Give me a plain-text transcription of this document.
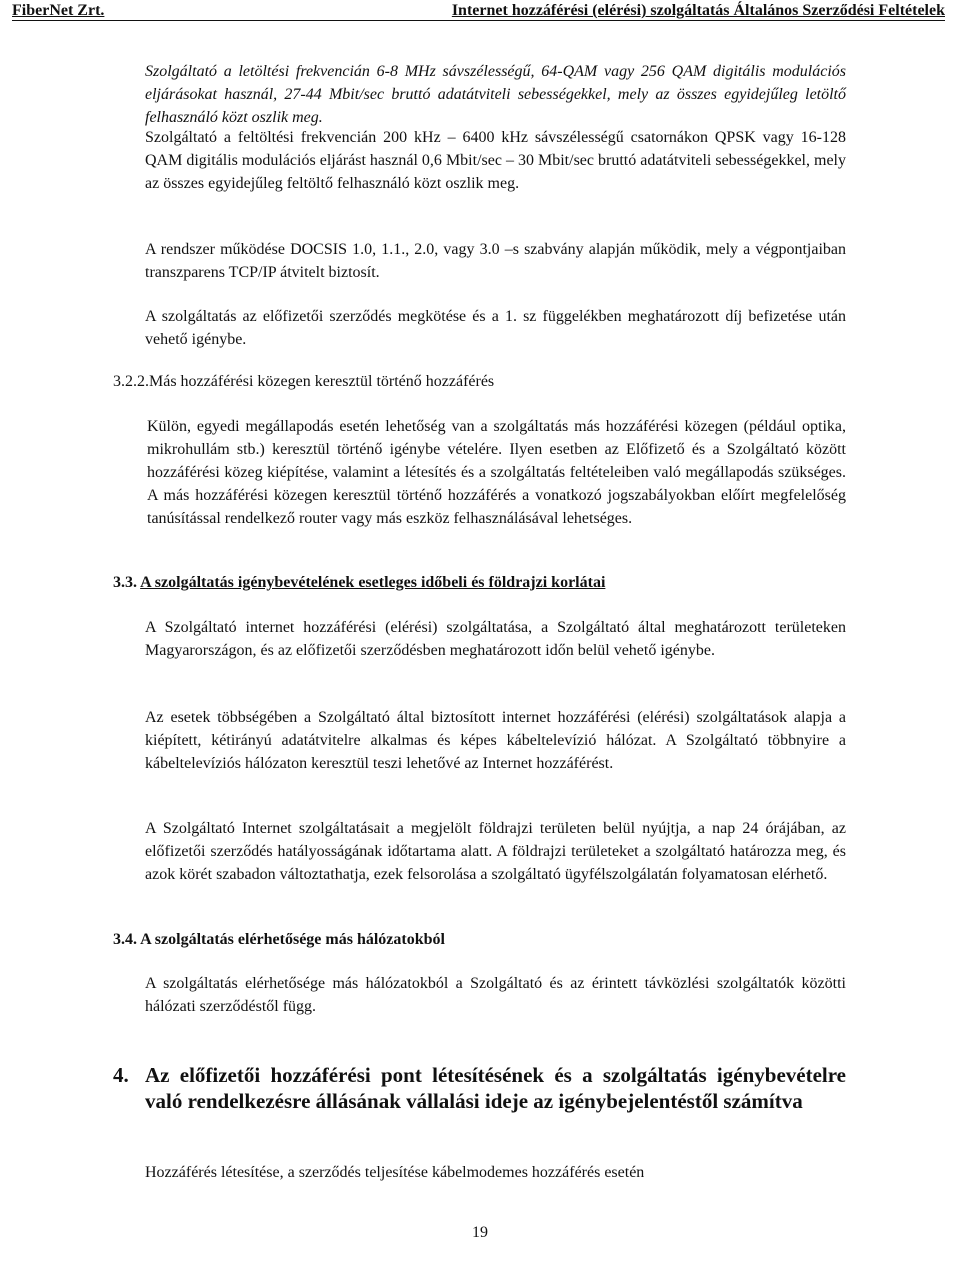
FiberNet Zrt.	Internet hozzáférési (elérési) szolgáltatás Általános Szerződési Feltételek
Szolgáltató a letöltési frekvencián 6-8 MHz sávszélességű, 64-QAM vagy 256 QAM digitális modulációs eljárásokat használ, 27-44 Mbit/sec bruttó adatátviteli sebességekkel, mely az összes egyidejűleg letöltő felhasználó közt oszlik meg.
Szolgáltató a feltöltési frekvencián 200 kHz – 6400 kHz sávszélességű csatornákon QPSK vagy 16-128 QAM digitális modulációs eljárást használ 0,6 Mbit/sec – 30 Mbit/sec bruttó adatátviteli sebességekkel, mely az összes egyidejűleg feltöltő felhasználó közt oszlik meg.
A rendszer működése DOCSIS 1.0, 1.1., 2.0, vagy 3.0 –s szabvány alapján működik, mely a végpontjaiban transzparens TCP/IP átvitelt biztosít.
A szolgáltatás az előfizetői szerződés megkötése és a 1. sz függelékben meghatározott díj befizetése után vehető igénybe.
3.2.2.Más hozzáférési közegen keresztül történő hozzáférés
Külön, egyedi megállapodás esetén lehetőség van a szolgáltatás más hozzáférési közegen (például optika, mikrohullám stb.) keresztül történő igénybe vételére. Ilyen esetben az Előfizető és a Szolgáltató között hozzáférési közeg kiépítése, valamint a létesítés és a szolgáltatás feltételeiben való megállapodás szükséges. A más hozzáférési közegen keresztül történő hozzáférés a vonatkozó jogszabályokban előírt megfelelőség tanúsítással rendelkező router vagy más eszköz felhasználásával lehetséges.
3.3. A szolgáltatás igénybevételének esetleges időbeli és földrajzi korlátai
A Szolgáltató internet hozzáférési (elérési) szolgáltatása, a Szolgáltató által meghatározott területeken Magyarországon, és az előfizetői szerződésben meghatározott időn belül vehető igénybe.
Az esetek többségében a Szolgáltató által biztosított internet hozzáférési (elérési) szolgáltatások alapja a kiépített, kétirányú adatátvitelre alkalmas és képes kábeltelevízió hálózat. A Szolgáltató többnyire a kábeltelevíziós hálózaton keresztül teszi lehetővé az Internet hozzáférést.
A Szolgáltató Internet szolgáltatásait a megjelölt földrajzi területen belül nyújtja, a nap 24 órájában, az előfizetői szerződés hatályosságának időtartama alatt. A földrajzi területeket a szolgáltató határozza meg, és azok körét szabadon változtathatja, ezek felsorolása a szolgáltató ügyfélszolgálatán folyamatosan elérhető.
3.4. A szolgáltatás elérhetősége más hálózatokból
A szolgáltatás elérhetősége más hálózatokból a Szolgáltató és az érintett távközlési szolgáltatók közötti hálózati szerződéstől függ.
4. Az előfizetői hozzáférési pont létesítésének és a szolgáltatás igénybevételre való rendelkezésre állásának vállalási ideje az igénybejelentéstől számítva
Hozzáférés létesítése, a szerződés teljesítése kábelmodemes hozzáférés esetén
19
